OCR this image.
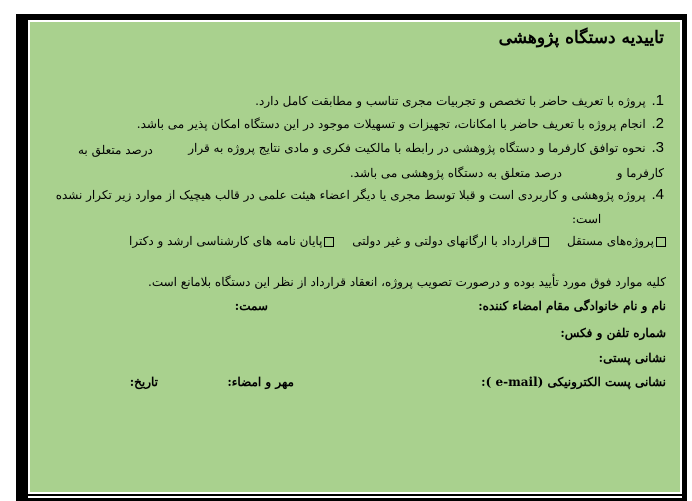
تاییدیه دستگاه پژوهشی
1. پروژه با تعریف حاضر با تخصص و تجربیات مجری تناسب و مطابقت کامل دارد.
2. انجام پروژه با تعریف حاضر با امکانات، تجهیزات و تسهیلات موجود در این دستگاه امکان پذیر می باشد.
3. نحوه توافق کارفرما و دستگاه پژوهشی در رابطه با مالکیت فکری و مادی نتایج پروژه به قرار
درصد متعلق به
کارفرما و
درصد متعلق به دستگاه پژوهشی می باشد.
4. پروژه پژوهشی و کاربردی است و قبلا توسط مجری یا دیگر اعضاء هیئت علمی در قالب هیچیک از موارد زیر تکرار نشده
است:
پروژه‌های مستقل قرارداد با ارگانهای دولتی و غیر دولتی پایان نامه های کارشناسی ارشد و دکترا
کلیه موارد فوق مورد تأیید بوده و درصورت تصویب پروژه، انعقاد قرارداد از نظر این دستگاه بلامانع است.
نام و نام خانوادگی مقام امضاء کننده:
سمت:
شماره تلفن و فکس:
نشانی پستی:
نشانی پست الکترونیکی (e-mail ):
مهر و امضاء:
تاریخ:
